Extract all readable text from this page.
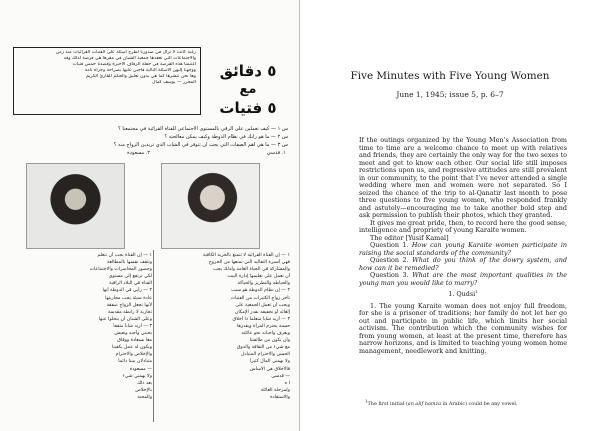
رغبة كانت لا تزال في صدورنا لطرح أسئلة على الفتيات القرائيات منذ زمن
والاجتماعات التي تعقدها جمعية الشبان في مقرها هي فرصة لذلك وقد
اغتنمنا هذه الفرصة في حفلة الزفاف الأخيرة وقصدنا خمس فتيات
ووجهنا إليهن الأسئلة التالية فأجبن عليها بصراحة وجرأة تامة
وها نحن ننشرها كما هي بدون تعليق والحكم للقارئ الكريم
المحرر — يوسف كمال
٥ دقائق
مع
٥ فتيات
س ١ — كيف تعملين على الرقي بالمستوى الاجتماعي للفتاة القرائية في مجتمعنا ؟
س ٢ — ما هو رأيك في نظام الدوطة وكيف يمكن معالجته ؟
س ٣ — ما هي أهم الصفات التي يجب أن تتوفر في الشاب الذي تريدين الزواج منه ؟
١. قدسي
٢. مسعودة
١ — إن الفتاة القرائية لا تتمتع بالحرية الكافية
فهي أسيرة التقاليد التي تمنعها من الخروج
والمشاركة في الحياة العامة ولذلك يجب
أن نعمل على تعليمها إدارة البيت
والخياطة والتطريز والحياكة
٢ — إن نظام الدوطة هو سبب
تأخر زواج الكثيرات من الفتيات
ويجب أن تعمل الجمعية على
إلغائه أو تخفيفه بقدر الإمكان
٣ — أريد شاباً متعلماً ذا أخلاق
حسنة يحترم المرأة ويقدرها
ويعرف واجباته نحو عائلته
وأن يكون من طائفتنا
مع شيء من الثقافة والذوق
الحسن والاحترام المتبادل
ولا يهمني المال كثيراً
فالأخلاق هي الأساس
— قدسي
ا ه
ولمرحلة العائلة
والاستفادة
١ — إن الفتاة يجب أن تتعلم
وتثقف نفسها بالمطالعة
وحضور المحاضرات والاجتماعات
لكي ترتفع إلى مستوى
الفتاة في البلاد الراقية
٢ — رأيي في الدوطة أنها
عادة سيئة يجب محاربتها
لأنها تجعل الزواج صفقة
تجارية لا رابطة مقدسة
وعلى الشبان أن يتخلوا عنها
٣ — أريد شاباً مثقفاً
يحبني وأحبه ونعيش
معاً بسعادة ووفاق
ويكون له عمل يكفينا
والإخلاص والاحترام
متبادلان بيننا دائماً
— مسعودة
ولا يهمني شيء
بعد ذلك
بالإخلاص
والمحبة
Five Minutes with Five Young Women
June 1, 1945; issue 5, p. 6–7

If the outings organized by the Young Men’s Association from time to time are a welcome chance to meet up with relatives and friends, they are certainly the only way for the two sexes to meet and get to know each other. Our social life still imposes restrictions upon us, and regressive attitudes are still prevalent in our community, to the point that I’ve never attended a single wedding where men and women were not separated. So I seized the chance of the trip to al-Qanatir last month to pose three questions to five young women, who responded frankly and astutely—encouraging me to take another bold step and ask permission to publish their photos, which they granted.

It gives me great pride, then, to record here the good sense, intelligence and propriety of young Karaite women.

The editor [Yusif Kamal]

Question 1. How can young Karaite women participate in raising the social standards of the community?

Question 2. What do you think of the dowry system, and how can it be remedied?

Question 3. What are the most important qualities in the young man you would like to marry?

1. Qudsi$^1$

1. The young Karaite woman does not enjoy full freedom, for she is a prisoner of traditions; her family do not let her go out and participate in public life, which limits her social activism. The contribution which the community wishes for from young women, at least at the present time, therefore has narrow horizons, and is limited to teaching young women home management, needlework and knitting.

$^1$The first initial (an alif hamza in Arabic) could be any vowel.
